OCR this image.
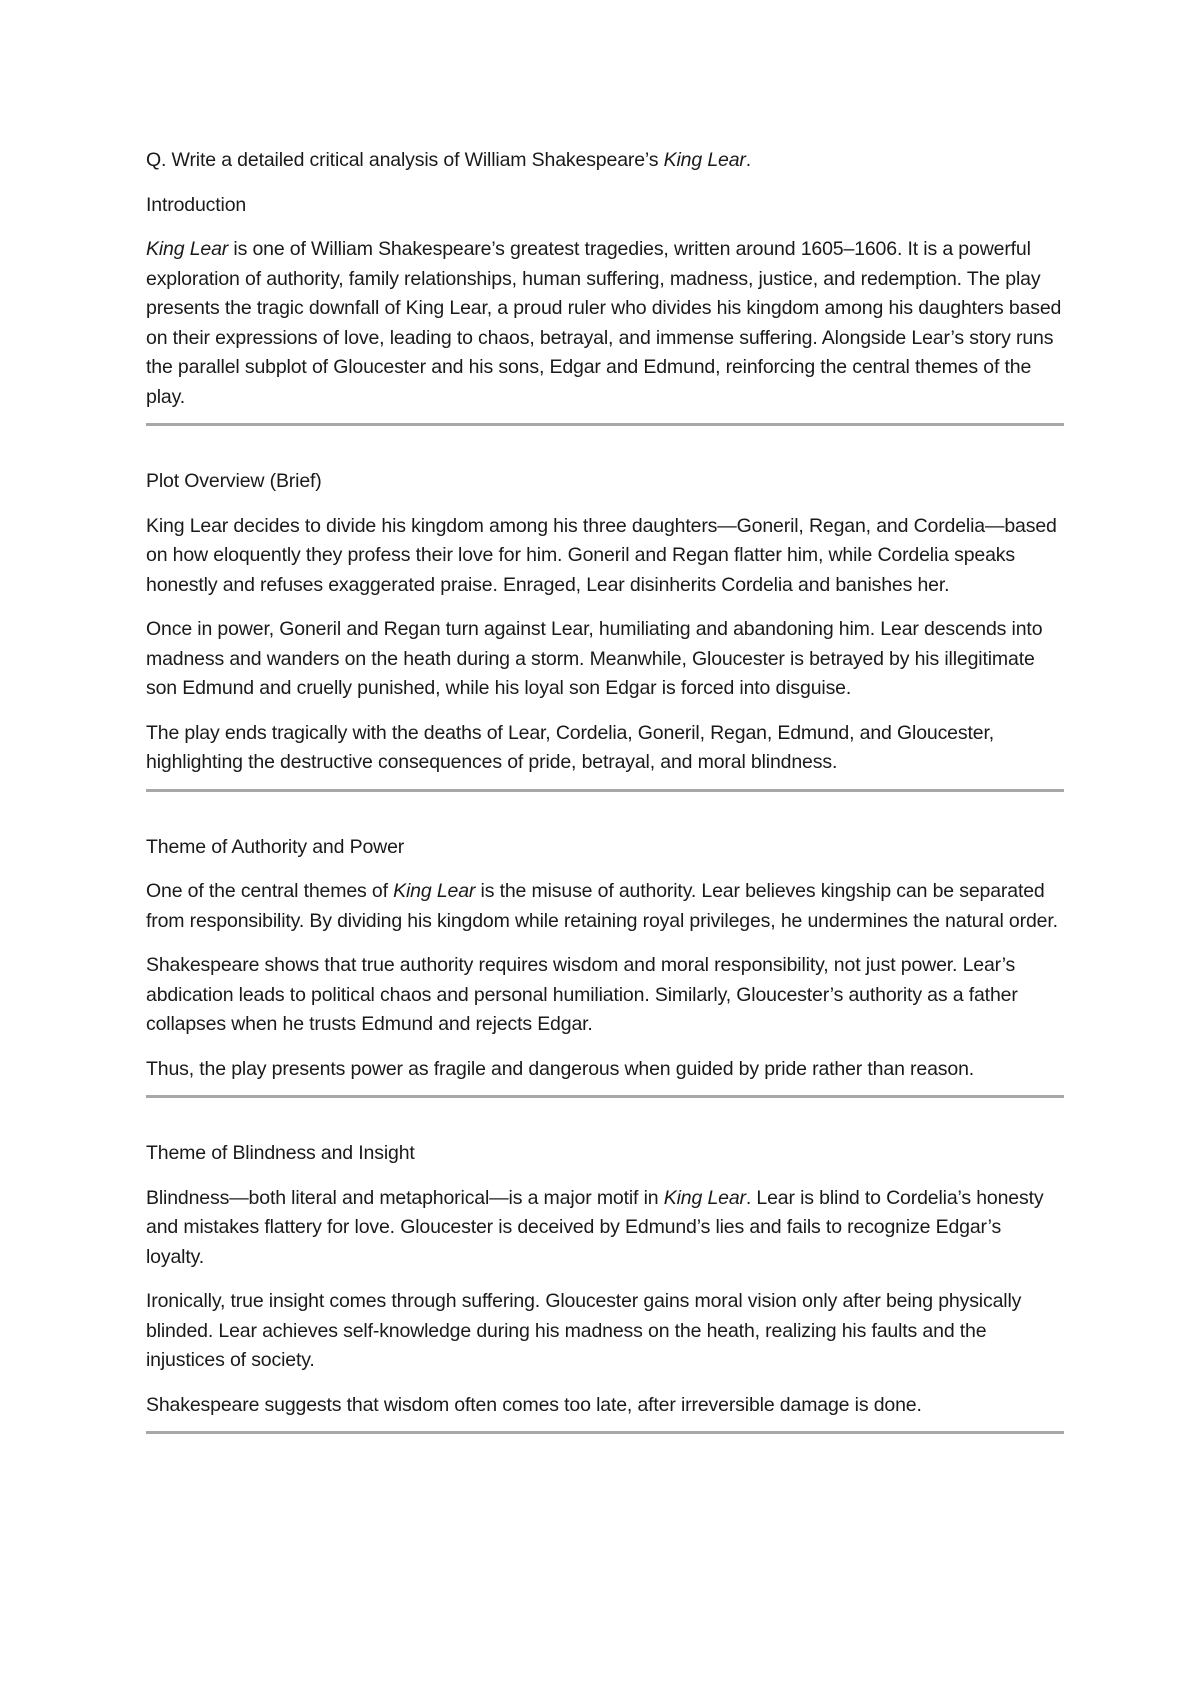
Q. Write a detailed critical analysis of William Shakespeare’s King Lear.

Introduction

King Lear is one of William Shakespeare’s greatest tragedies, written around 1605–1606. It is a powerful exploration of authority, family relationships, human suffering, madness, justice, and redemption. The play presents the tragic downfall of King Lear, a proud ruler who divides his kingdom among his daughters based on their expressions of love, leading to chaos, betrayal, and immense suffering. Alongside Lear’s story runs the parallel subplot of Gloucester and his sons, Edgar and Edmund, reinforcing the central themes of the play.

Plot Overview (Brief)

King Lear decides to divide his kingdom among his three daughters—Goneril, Regan, and Cordelia—based on how eloquently they profess their love for him. Goneril and Regan flatter him, while Cordelia speaks honestly and refuses exaggerated praise. Enraged, Lear disinherits Cordelia and banishes her.

Once in power, Goneril and Regan turn against Lear, humiliating and abandoning him. Lear descends into madness and wanders on the heath during a storm. Meanwhile, Gloucester is betrayed by his illegitimate son Edmund and cruelly punished, while his loyal son Edgar is forced into disguise.

The play ends tragically with the deaths of Lear, Cordelia, Goneril, Regan, Edmund, and Gloucester, highlighting the destructive consequences of pride, betrayal, and moral blindness.

Theme of Authority and Power

One of the central themes of King Lear is the misuse of authority. Lear believes kingship can be separated from responsibility. By dividing his kingdom while retaining royal privileges, he undermines the natural order.

Shakespeare shows that true authority requires wisdom and moral responsibility, not just power. Lear’s abdication leads to political chaos and personal humiliation. Similarly, Gloucester’s authority as a father collapses when he trusts Edmund and rejects Edgar.

Thus, the play presents power as fragile and dangerous when guided by pride rather than reason.

Theme of Blindness and Insight

Blindness—both literal and metaphorical—is a major motif in King Lear. Lear is blind to Cordelia’s honesty and mistakes flattery for love. Gloucester is deceived by Edmund’s lies and fails to recognize Edgar’s loyalty.

Ironically, true insight comes through suffering. Gloucester gains moral vision only after being physically blinded. Lear achieves self-knowledge during his madness on the heath, realizing his faults and the injustices of society.

Shakespeare suggests that wisdom often comes too late, after irreversible damage is done.
